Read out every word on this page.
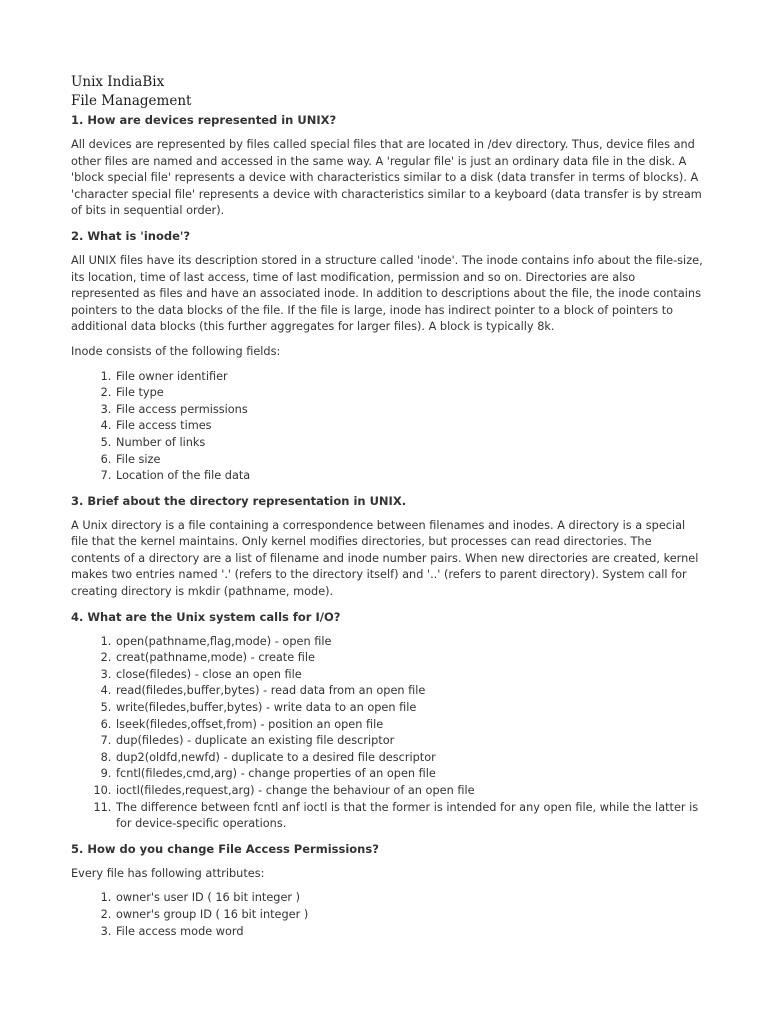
Unix IndiaBix

File Management

1. How are devices represented in UNIX?

All devices are represented by files called special files that are located in /dev directory. Thus, device files and other files are named and accessed in the same way. A 'regular file' is just an ordinary data file in the disk. A 'block special file' represents a device with characteristics similar to a disk (data transfer in terms of blocks). A 'character special file' represents a device with characteristics similar to a keyboard (data transfer is by stream of bits in sequential order).

2. What is 'inode'?

All UNIX files have its description stored in a structure called 'inode'. The inode contains info about the file-size, its location, time of last access, time of last modification, permission and so on. Directories are also represented as files and have an associated inode. In addition to descriptions about the file, the inode contains pointers to the data blocks of the file. If the file is large, inode has indirect pointer to a block of pointers to additional data blocks (this further aggregates for larger files). A block is typically 8k.

Inode consists of the following fields:

1. File owner identifier
2. File type
3. File access permissions
4. File access times
5. Number of links
6. File size
7. Location of the file data

3. Brief about the directory representation in UNIX.

A Unix directory is a file containing a correspondence between filenames and inodes. A directory is a special file that the kernel maintains. Only kernel modifies directories, but processes can read directories. The contents of a directory are a list of filename and inode number pairs. When new directories are created, kernel makes two entries named '.' (refers to the directory itself) and '..' (refers to parent directory). System call for creating directory is mkdir (pathname, mode).

4. What are the Unix system calls for I/O?

1. open(pathname,flag,mode) - open file
2. creat(pathname,mode) - create file
3. close(filedes) - close an open file
4. read(filedes,buffer,bytes) - read data from an open file
5. write(filedes,buffer,bytes) - write data to an open file
6. lseek(filedes,offset,from) - position an open file
7. dup(filedes) - duplicate an existing file descriptor
8. dup2(oldfd,newfd) - duplicate to a desired file descriptor
9. fcntl(filedes,cmd,arg) - change properties of an open file
10. ioctl(filedes,request,arg) - change the behaviour of an open file
11. The difference between fcntl anf ioctl is that the former is intended for any open file, while the latter is for device-specific operations.

5. How do you change File Access Permissions?

Every file has following attributes:

1. owner's user ID ( 16 bit integer )
2. owner's group ID ( 16 bit integer )
3. File access mode word
